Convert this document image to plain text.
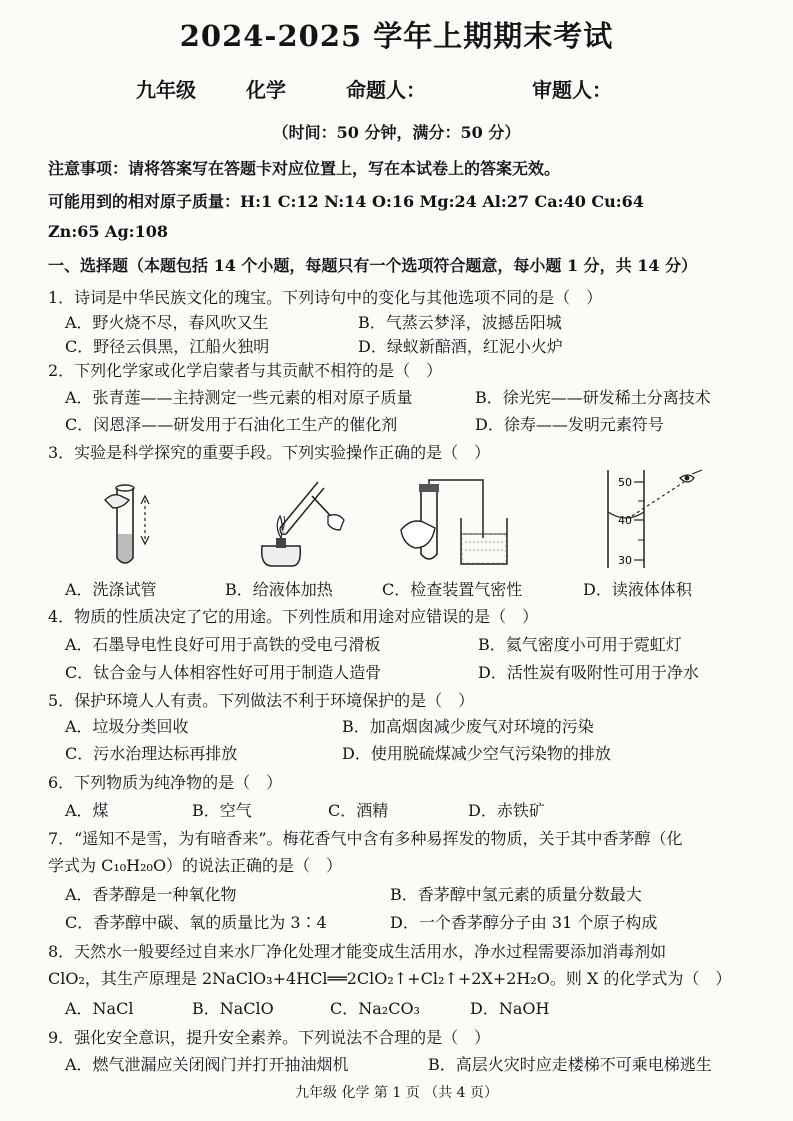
2024-2025 学年上期期末考试
九年级	化学	命题人：	审题人：
（时间：50 分钟，满分：50 分）
注意事项：请将答案写在答题卡对应位置上，写在本试卷上的答案无效。
可能用到的相对原子质量：H:1 C:12 N:14 O:16 Mg:24 Al:27 Ca:40 Cu:64
Zn:65 Ag:108
一、选择题（本题包括 14 个小题，每题只有一个选项符合题意，每小题 1 分，共 14 分）
1．诗词是中华民族文化的瑰宝。下列诗句中的变化与其他选项不同的是（　）
A．野火烧不尽，春风吹又生	B．气蒸云梦泽，波撼岳阳城
C．野径云俱黑，江船火独明	D．绿蚁新醅酒，红泥小火炉
2．下列化学家或化学启蒙者与其贡献不相符的是（　）
A．张青莲——主持测定一些元素的相对原子质量	B．徐光宪——研发稀土分离技术
C．闵恩泽——研发用于石油化工生产的催化剂	D．徐寿——发明元素符号
3．实验是科学探究的重要手段。下列实验操作正确的是（　）
50
40
30
A．洗涤试管	B．给液体加热	C．检查装置气密性	D．读液体体积
4．物质的性质决定了它的用途。下列性质和用途对应错误的是（　）
A．石墨导电性良好可用于高铁的受电弓滑板	B．氦气密度小可用于霓虹灯
C．钛合金与人体相容性好可用于制造人造骨	D．活性炭有吸附性可用于净水
5．保护环境人人有责。下列做法不利于环境保护的是（　）
A．垃圾分类回收	B．加高烟囱减少废气对环境的污染
C．污水治理达标再排放	D．使用脱硫煤减少空气污染物的排放
6．下列物质为纯净物的是（　）
A．煤	B．空气	C．酒精	D．赤铁矿
7．“遥知不是雪，为有暗香来”。梅花香气中含有多种易挥发的物质，关于其中香茅醇（化
学式为 C₁₀H₂₀O）的说法正确的是（　）
A．香茅醇是一种氧化物	B．香茅醇中氢元素的质量分数最大
C．香茅醇中碳、氧的质量比为 3∶4	D．一个香茅醇分子由 31 个原子构成
8．天然水一般要经过自来水厂净化处理才能变成生活用水，净水过程需要添加消毒剂如
ClO₂，其生产原理是 2NaClO₃+4HCl══2ClO₂↑+Cl₂↑+2X+2H₂O。则 X 的化学式为（　）
A．NaCl	B．NaClO	C．Na₂CO₃	D．NaOH
9．强化安全意识，提升安全素养。下列说法不合理的是（　）
A．燃气泄漏应关闭阀门并打开抽油烟机	B．高层火灾时应走楼梯不可乘电梯逃生
九年级 化学 第 1 页 （共 4 页）
